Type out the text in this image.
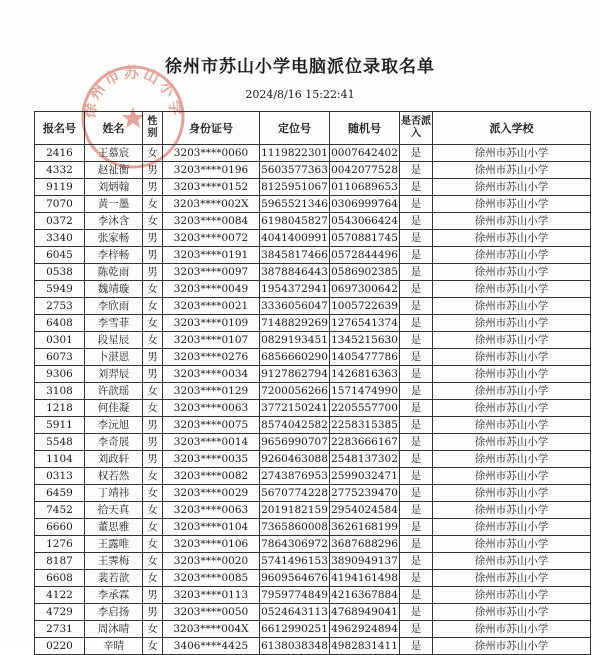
徐州市苏山小学
徐州市苏山小学电脑派位录取名单
2024/8/16 15:22:41
报名号	姓名	性别	身份证号	定位号	随机号	是否派入	派入学校
2416	王慕宸	女	3203****0060	1119822301	0007642402	是	徐州市苏山小学
4332	赵祉衡	男	3203****0196	5603577363	0042077528	是	徐州市苏山小学
9119	刘炳翰	男	3203****0152	8125951067	0110689653	是	徐州市苏山小学
7070	黄一墨	女	3203****002X	5965521346	0306999764	是	徐州市苏山小学
0372	李沐含	女	3203****0084	6198045827	0543066424	是	徐州市苏山小学
3340	张家畅	男	3203****0072	4041400991	0570881745	是	徐州市苏山小学
6045	李梓畅	男	3203****0191	3845817466	0572844496	是	徐州市苏山小学
0538	陈乾雨	男	3203****0097	3878846443	0586902385	是	徐州市苏山小学
5949	魏靖璇	女	3203****0049	1954372941	0697300642	是	徐州市苏山小学
2753	李欣雨	女	3203****0021	3336056047	1005722639	是	徐州市苏山小学
6408	李雪菲	女	3203****0109	7148829269	1276541374	是	徐州市苏山小学
0301	段星辰	女	3203****0107	0829193451	1345215630	是	徐州市苏山小学
6073	卜湛恩	男	3203****0276	6856660290	1405477786	是	徐州市苏山小学
9306	刘羿辰	男	3203****0034	9127862794	1426816363	是	徐州市苏山小学
3108	许歆瑶	女	3203****0129	7200056266	1571474990	是	徐州市苏山小学
1218	何佳凝	女	3203****0063	3772150241	2205557700	是	徐州市苏山小学
5911	李沅旭	男	3203****0075	8574042582	2258315385	是	徐州市苏山小学
5548	李奇展	男	3203****0014	9656990707	2283666167	是	徐州市苏山小学
1104	刘政轩	男	3203****0035	9260463088	2548137302	是	徐州市苏山小学
0313	权若然	女	3203****0082	2743876953	2599032471	是	徐州市苏山小学
6459	丁靖祎	女	3203****0029	5670774228	2775239470	是	徐州市苏山小学
7452	拾天真	女	3203****0063	2019182159	2954024584	是	徐州市苏山小学
6660	董思雅	女	3203****0104	7365860008	3626168199	是	徐州市苏山小学
1276	王露唯	女	3203****0106	7864306972	3687688296	是	徐州市苏山小学
8187	王霁梅	女	3203****0020	5741496153	3890949137	是	徐州市苏山小学
6608	裴若歆	女	3203****0085	9609564676	4194161498	是	徐州市苏山小学
4122	李承霖	男	3203****0113	7959774849	4216367884	是	徐州市苏山小学
4729	李启扬	男	3203****0050	0524643113	4768949041	是	徐州市苏山小学
2731	周沐晴	女	3203****004X	6612990251	4962924894	是	徐州市苏山小学
0220	辛晴	女	3406****4425	6138038348	4982831411	是	徐州市苏山小学
